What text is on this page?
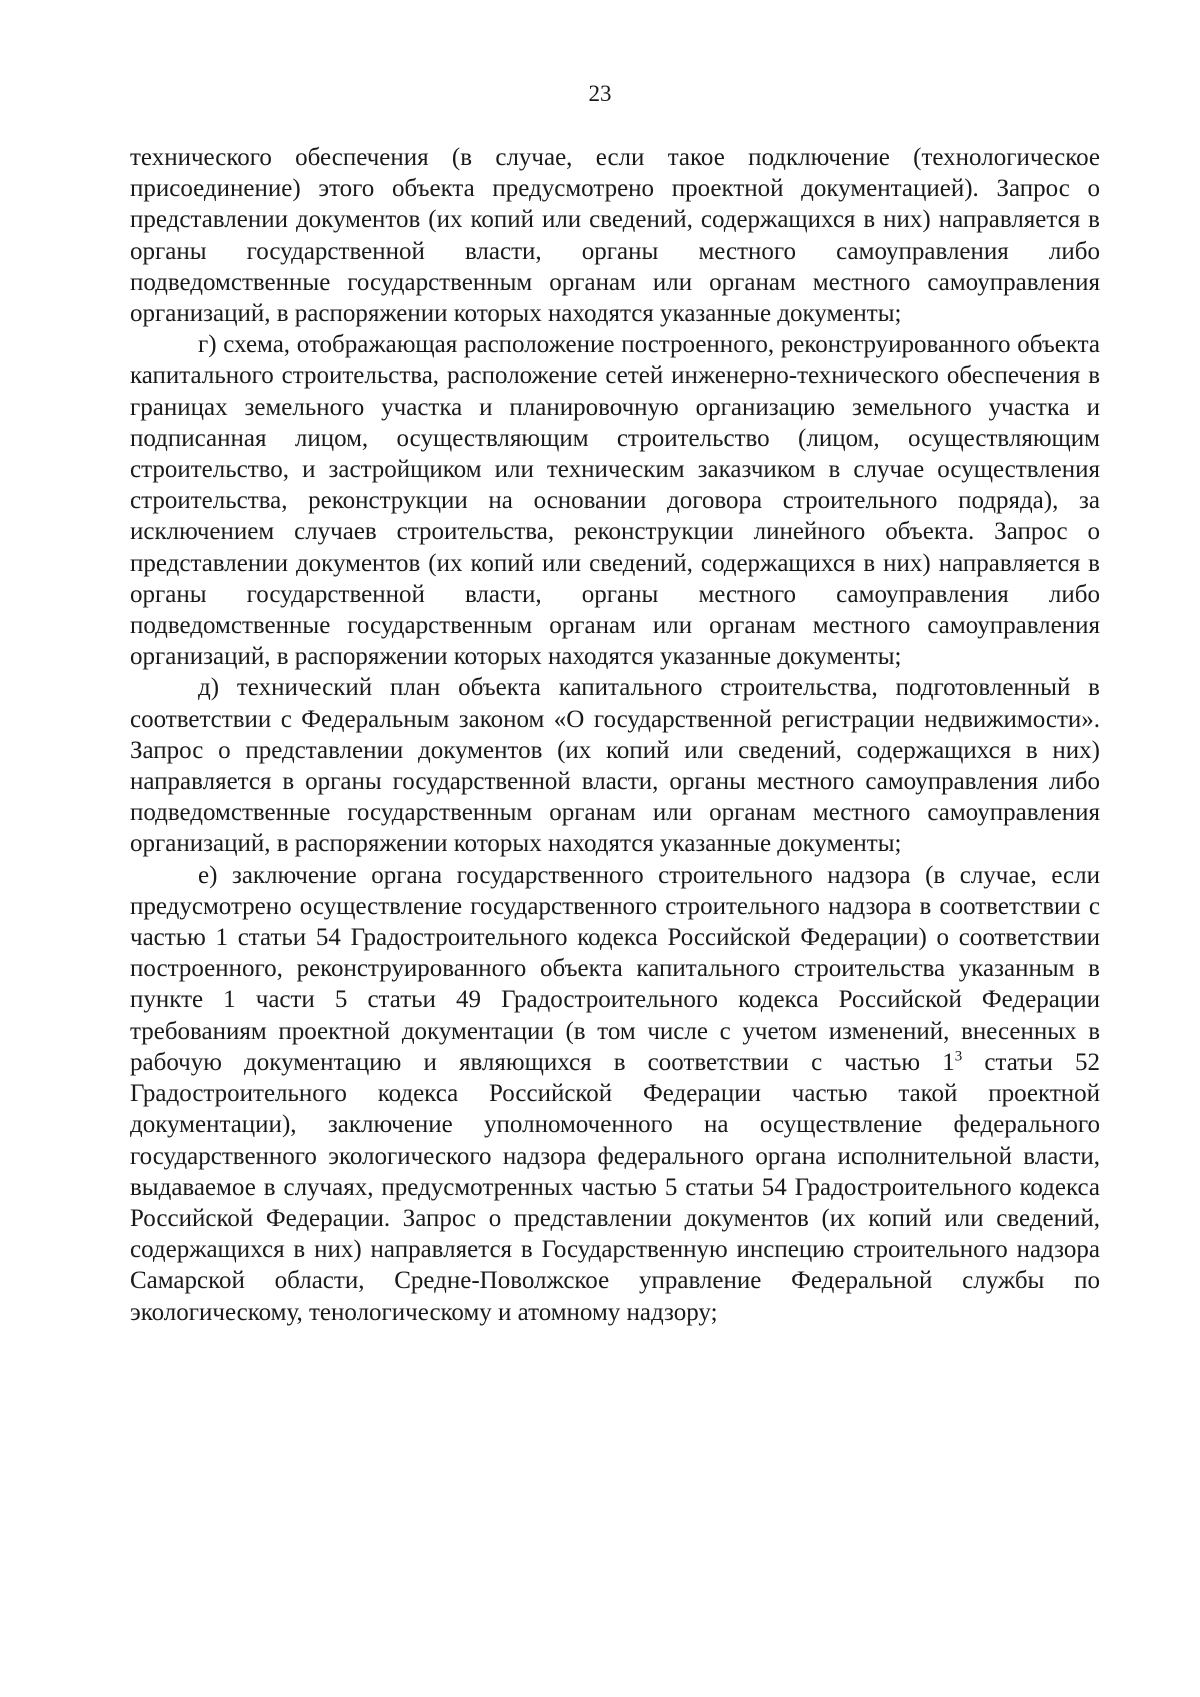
23

технического обеспечения (в случае, если такое подключение (технологическое присоединение) этого объекта предусмотрено проектной документацией). Запрос о представлении документов (их копий или сведений, содержащихся в них) направляется в органы государственной власти, органы местного самоуправления либо подведомственные государственным органам или органам местного самоуправления организаций, в распоряжении которых находятся указанные документы;

г) схема, отображающая расположение построенного, реконструированного объекта капитального строительства, расположение сетей инженерно-технического обеспечения в границах земельного участка и планировочную организацию земельного участка и подписанная лицом, осуществляющим строительство (лицом, осуществляющим строительство, и застройщиком или техническим заказчиком в случае осуществления строительства, реконструкции на основании договора строительного подряда), за исключением случаев строительства, реконструкции линейного объекта. Запрос о представлении документов (их копий или сведений, содержащихся в них) направляется в органы государственной власти, органы местного самоуправления либо подведомственные государственным органам или органам местного самоуправления организаций, в распоряжении которых находятся указанные документы;

д) технический план объекта капитального строительства, подготовленный в соответствии с Федеральным законом «О государственной регистрации недвижимости». Запрос о представлении документов (их копий или сведений, содержащихся в них) направляется в органы государственной власти, органы местного самоуправления либо подведомственные государственным органам или органам местного самоуправления организаций, в распоряжении которых находятся указанные документы;

е) заключение органа государственного строительного надзора (в случае, если предусмотрено осуществление государственного строительного надзора в соответствии с частью 1 статьи 54 Градостроительного кодекса Российской Федерации) о соответствии построенного, реконструированного объекта капитального строительства указанным в пункте 1 части 5 статьи 49 Градостроительного кодекса Российской Федерации требованиям проектной документации (в том числе с учетом изменений, внесенных в рабочую документацию и являющихся в соответствии с частью $1^3$ статьи 52 Градостроительного кодекса Российской Федерации частью такой проектной документации), заключение уполномоченного на осуществление федерального государственного экологического надзора федерального органа исполнительной власти, выдаваемое в случаях, предусмотренных частью 5 статьи 54 Градостроительного кодекса Российской Федерации. Запрос о представлении документов (их копий или сведений, содержащихся в них) направляется в Государственную инспецию строительного надзора Самарской области, Средне-Поволжское управление Федеральной службы по экологическому, тенологическому и атомному надзору;
